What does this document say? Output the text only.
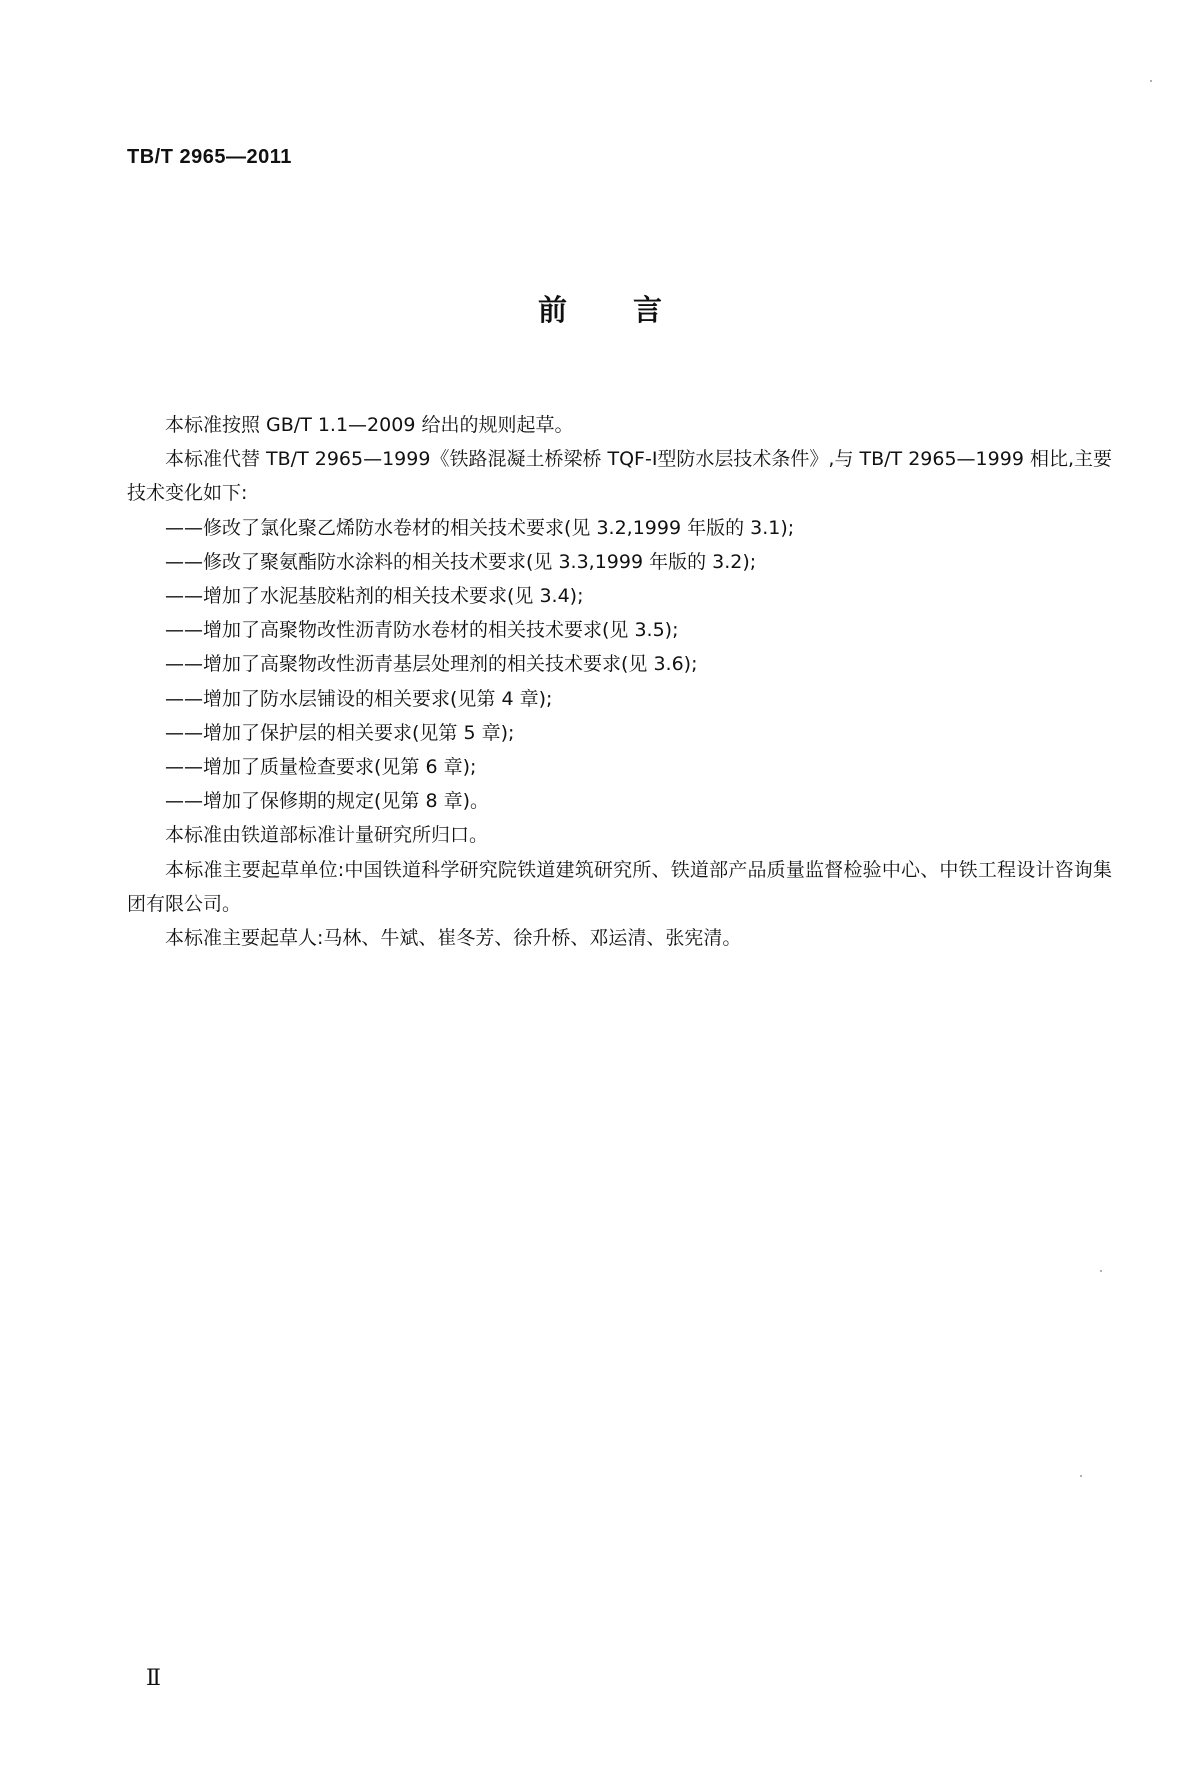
TB/T 2965—2011
前 言

本标准按照 GB/T 1.1—2009 给出的规则起草。

本标准代替 TB/T 2965—1999《铁路混凝土桥梁桥 TQF-Ⅰ型防水层技术条件》,与 TB/T 2965—1999 相比,主要技术变化如下:

——修改了氯化聚乙烯防水卷材的相关技术要求(见 3.2,1999 年版的 3.1);

——修改了聚氨酯防水涂料的相关技术要求(见 3.3,1999 年版的 3.2);

——增加了水泥基胶粘剂的相关技术要求(见 3.4);

——增加了高聚物改性沥青防水卷材的相关技术要求(见 3.5);

——增加了高聚物改性沥青基层处理剂的相关技术要求(见 3.6);

——增加了防水层铺设的相关要求(见第 4 章);

——增加了保护层的相关要求(见第 5 章);

——增加了质量检查要求(见第 6 章);

——增加了保修期的规定(见第 8 章)。

本标准由铁道部标准计量研究所归口。

本标准主要起草单位:中国铁道科学研究院铁道建筑研究所、铁道部产品质量监督检验中心、中铁工程设计咨询集团有限公司。

本标准主要起草人:马林、牛斌、崔冬芳、徐升桥、邓运清、张宪清。

Ⅱ
